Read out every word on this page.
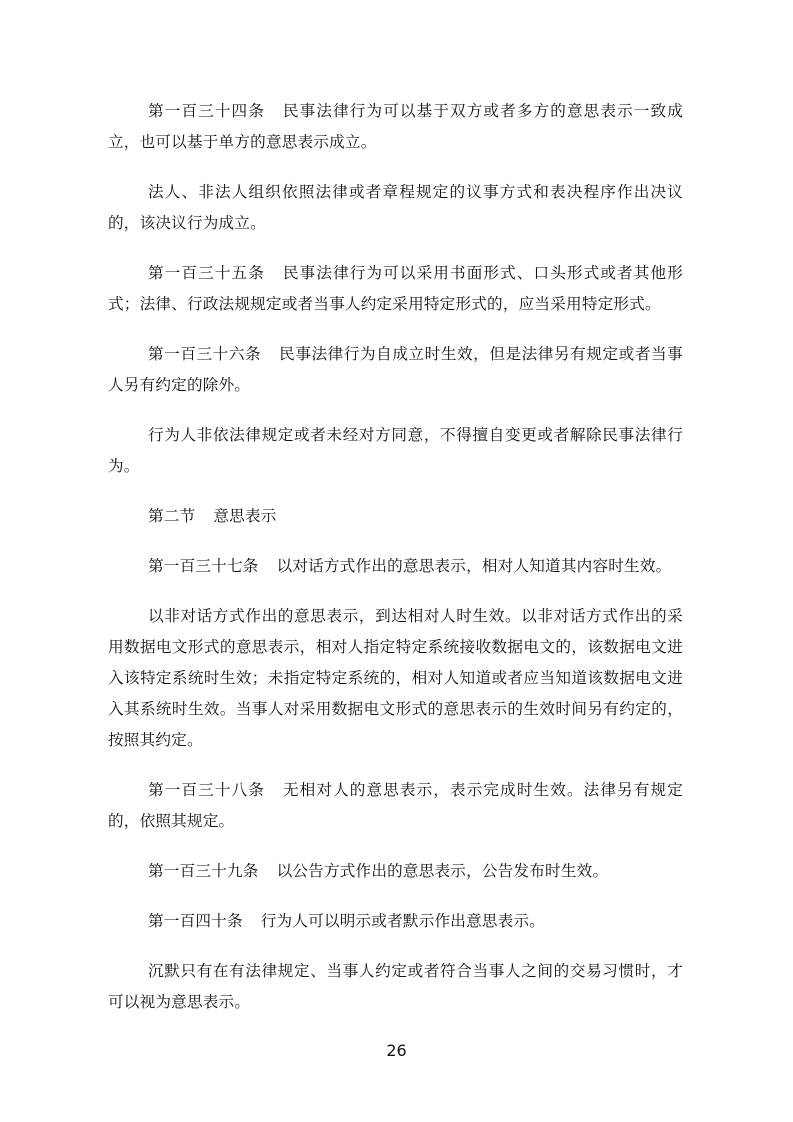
第一百三十四条 民事法律行为可以基于双方或者多方的意思表示一致成立，也可以基于单方的意思表示成立。

法人、非法人组织依照法律或者章程规定的议事方式和表决程序作出决议的，该决议行为成立。

第一百三十五条 民事法律行为可以采用书面形式、口头形式或者其他形式；法律、行政法规规定或者当事人约定采用特定形式的，应当采用特定形式。

第一百三十六条 民事法律行为自成立时生效，但是法律另有规定或者当事人另有约定的除外。

行为人非依法律规定或者未经对方同意，不得擅自变更或者解除民事法律行为。

第二节 意思表示

第一百三十七条 以对话方式作出的意思表示，相对人知道其内容时生效。

以非对话方式作出的意思表示，到达相对人时生效。以非对话方式作出的采用数据电文形式的意思表示，相对人指定特定系统接收数据电文的，该数据电文进入该特定系统时生效；未指定特定系统的，相对人知道或者应当知道该数据电文进入其系统时生效。当事人对采用数据电文形式的意思表示的生效时间另有约定的，按照其约定。

第一百三十八条 无相对人的意思表示，表示完成时生效。法律另有规定的，依照其规定。

第一百三十九条 以公告方式作出的意思表示，公告发布时生效。

第一百四十条 行为人可以明示或者默示作出意思表示。

沉默只有在有法律规定、当事人约定或者符合当事人之间的交易习惯时，才可以视为意思表示。

26
